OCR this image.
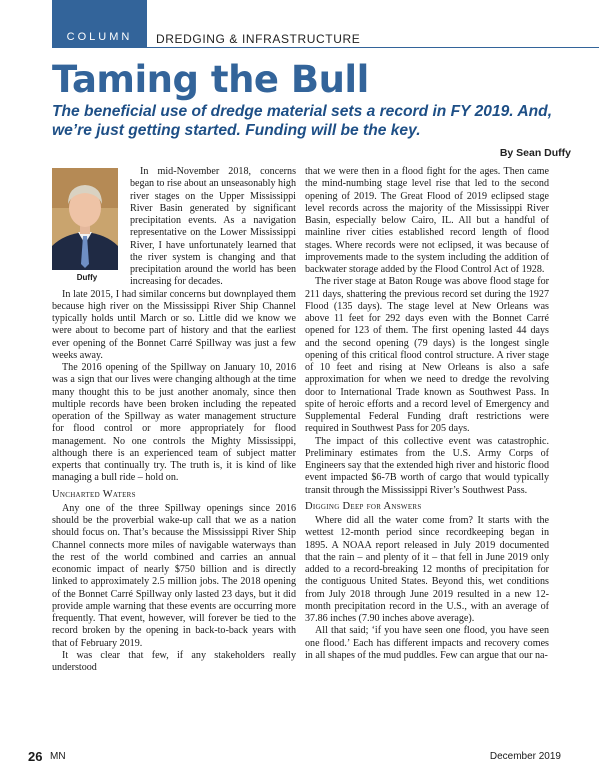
COLUMN	DREDGING & INFRASTRUCTURE
Taming the Bull
The beneficial use of dredge material sets a record in FY 2019. And, we’re just getting started. Funding will be the key.
By Sean Duffy
Duffy

In mid-November 2018, concerns began to rise about an unseasonably high river stages on the Upper Mississippi River Basin generated by significant precipitation events. As a navigation representative on the Lower Mississippi River, I have unfortunately learned that the river system is changing and that precipitation around the world has been increasing for decades.

In late 2015, I had similar concerns but downplayed them because high river on the Mississippi River Ship Channel typically holds until March or so. Little did we know we were about to become part of history and that the earliest ever opening of the Bonnet Carré Spillway was just a few weeks away.

The 2016 opening of the Spillway on January 10, 2016 was a sign that our lives were changing although at the time many thought this to be just another anomaly, since then multiple records have been broken including the repeated operation of the Spillway as water management structure for flood control or more appropriately for flood management. No one controls the Mighty Mississippi, although there is an experienced team of subject matter experts that continually try. The truth is, it is kind of like managing a bull ride – hold on.

Uncharted Waters

Any one of the three Spillway openings since 2016 should be the proverbial wake-up call that we as a nation should focus on. That’s because the Mississippi River Ship Channel connects more miles of navigable waterways than the rest of the world combined and carries an annual economic impact of nearly $750 billion and is directly linked to approximately 2.5 million jobs. The 2018 opening of the Bonnet Carré Spillway only lasted 23 days, but it did provide ample warning that these events are occurring more frequently. That event, however, will forever be tied to the record broken by the opening in back-to-back years with that of February 2019.

It was clear that few, if any stakeholders really understood

that we were then in a flood fight for the ages. Then came the mind-numbing stage level rise that led to the second opening of 2019. The Great Flood of 2019 eclipsed stage level records across the majority of the Mississippi River Basin, especially below Cairo, IL. All but a handful of mainline river cities established record length of flood stages. Where records were not eclipsed, it was because of improvements made to the system including the addition of backwater storage added by the Flood Control Act of 1928.

The river stage at Baton Rouge was above flood stage for 211 days, shattering the previous record set during the 1927 Flood (135 days). The stage level at New Orleans was above 11 feet for 292 days even with the Bonnet Carré opened for 123 of them. The first opening lasted 44 days and the second opening (79 days) is the longest single opening of this critical flood control structure. A river stage of 10 feet and rising at New Orleans is also a safe approximation for when we need to dredge the revolving door to International Trade known as Southwest Pass. In spite of heroic efforts and a record level of Emergency and Supplemental Federal Funding draft restrictions were required in Southwest Pass for 205 days.

The impact of this collective event was catastrophic. Preliminary estimates from the U.S. Army Corps of Engineers say that the extended high river and historic flood event impacted $6-7B worth of cargo that would typically transit through the Mississippi River’s Southwest Pass.

Digging Deep for Answers

Where did all the water come from? It starts with the wettest 12-month period since recordkeeping began in 1895. A NOAA report released in July 2019 documented that the rain – and plenty of it – that fell in June 2019 only added to a record-breaking 12 months of precipitation for the contiguous United States. Beyond this, wet conditions from July 2018 through June 2019 resulted in a new 12-month precipitation record in the U.S., with an average of 37.86 inches (7.90 inches above average).

All that said; ‘if you have seen one flood, you have seen one flood.’ Each has different impacts and recovery comes in all shapes of the mud puddles. Few can argue that our na-

26 MN	December 2019
